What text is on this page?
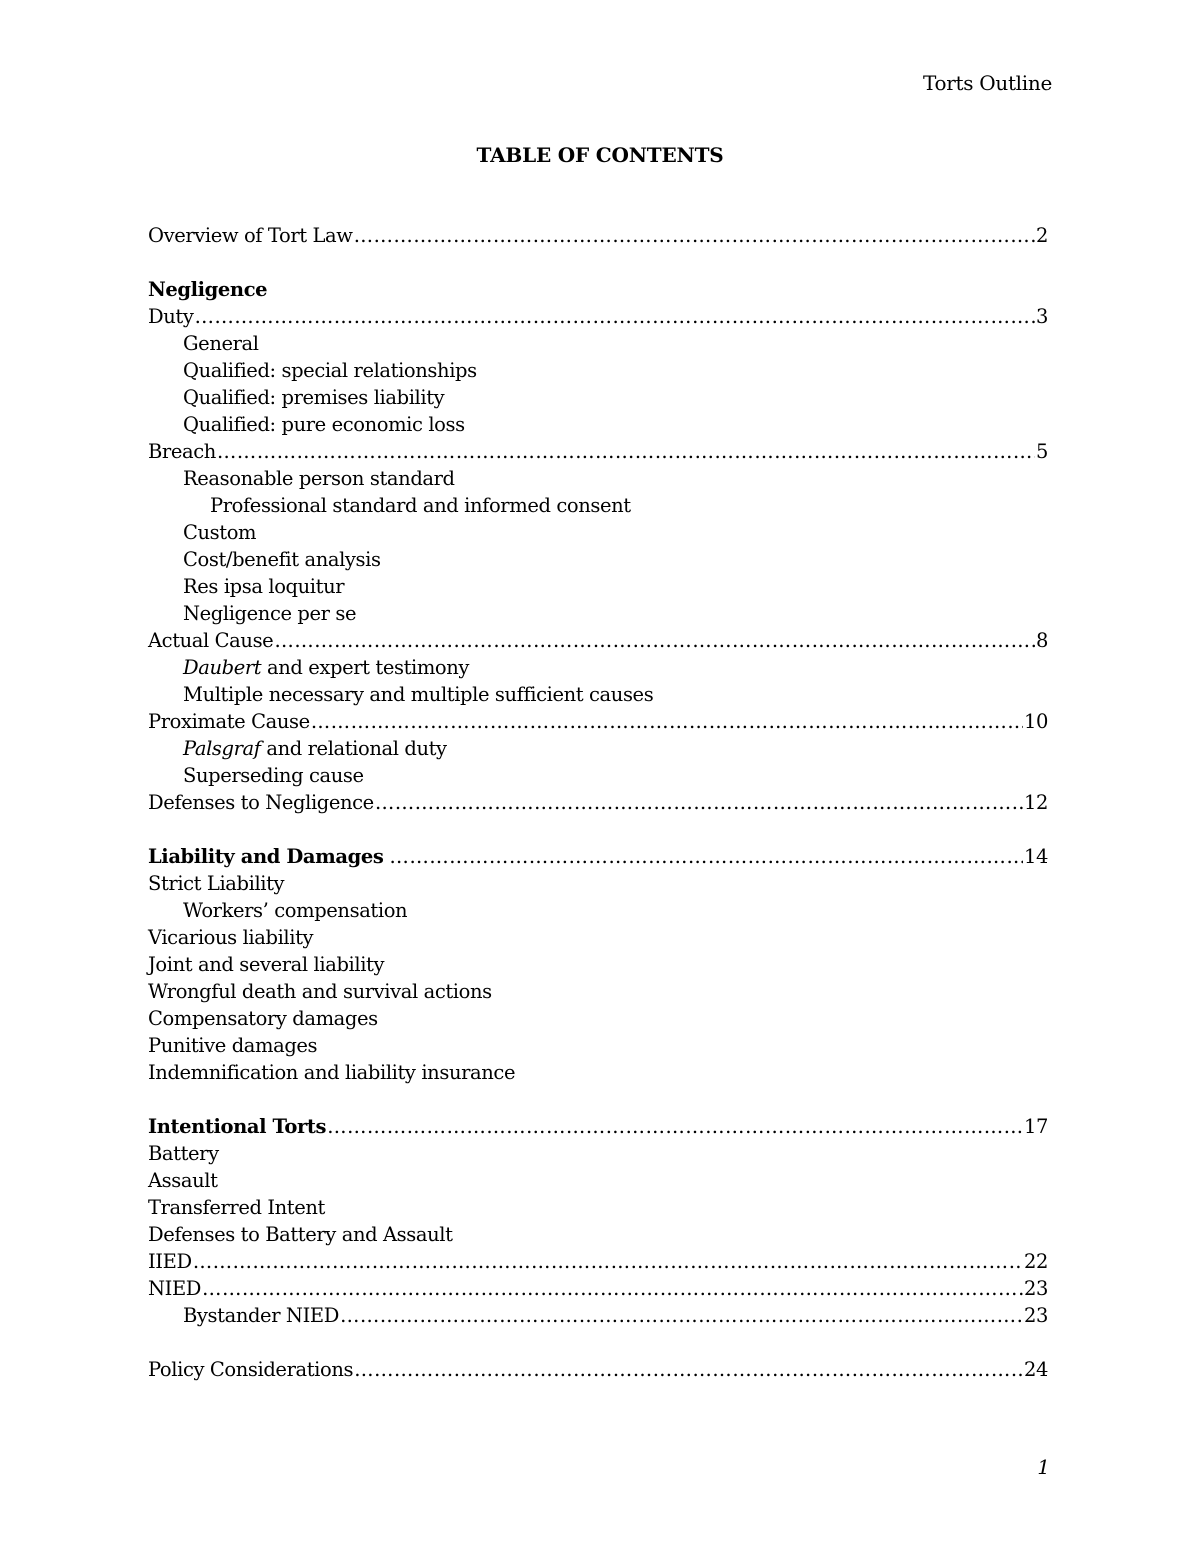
Torts Outline
TABLE OF CONTENTS
Overview of Tort Law …………………………………………………………………………………………………………………………………………………………………………	2
Negligence
Duty …………………………………………………………………………………………………………………………………………………………………………	3
General
Qualified: special relationships
Qualified: premises liability
Qualified: pure economic loss
Breach …………………………………………………………………………………………………………………………………………………………………………	5
Reasonable person standard
Professional standard and informed consent
Custom
Cost/benefit analysis
Res ipsa loquitur
Negligence per se
Actual Cause …………………………………………………………………………………………………………………………………………………………………………	8
Daubert and expert testimony
Multiple necessary and multiple sufficient causes
Proximate Cause …………………………………………………………………………………………………………………………………………………………………………	10
Palsgraf and relational duty
Superseding cause
Defenses to Negligence …………………………………………………………………………………………………………………………………………………………………………	12
Liability and Damages …………………………………………………………………………………………………………………………………………………………………………	14
Strict Liability
Workers’ compensation
Vicarious liability
Joint and several liability
Wrongful death and survival actions
Compensatory damages
Punitive damages
Indemnification and liability insurance
Intentional Torts …………………………………………………………………………………………………………………………………………………………………………	17
Battery
Assault
Transferred Intent
Defenses to Battery and Assault
IIED …………………………………………………………………………………………………………………………………………………………………………	22
NIED …………………………………………………………………………………………………………………………………………………………………………	23
Bystander NIED …………………………………………………………………………………………………………………………………………………………………………	23
Policy Considerations …………………………………………………………………………………………………………………………………………………………………………	24
1
